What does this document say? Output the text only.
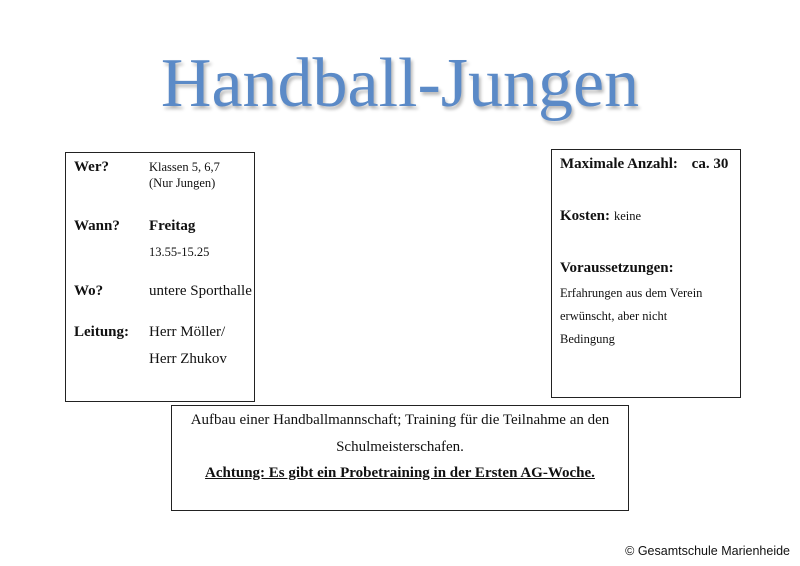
Handball-Jungen
Wer?	Klassen 5, 6,7
(Nur Jungen)
Wann? Freitag
13.55-15.25
Wo?	untere Sporthalle
Leitung: Herr Möller/
Herr Zhukov
Maximale Anzahl: ca. 30
Kosten: keine
Voraussetzungen:
Erfahrungen aus dem Verein
erwünscht, aber nicht
Bedingung
Aufbau einer Handballmannschaft; Training für die Teilnahme an den
Schulmeisterschafen.
Achtung: Es gibt ein Probetraining in der Ersten AG-Woche.
© Gesamtschule Marienheide
